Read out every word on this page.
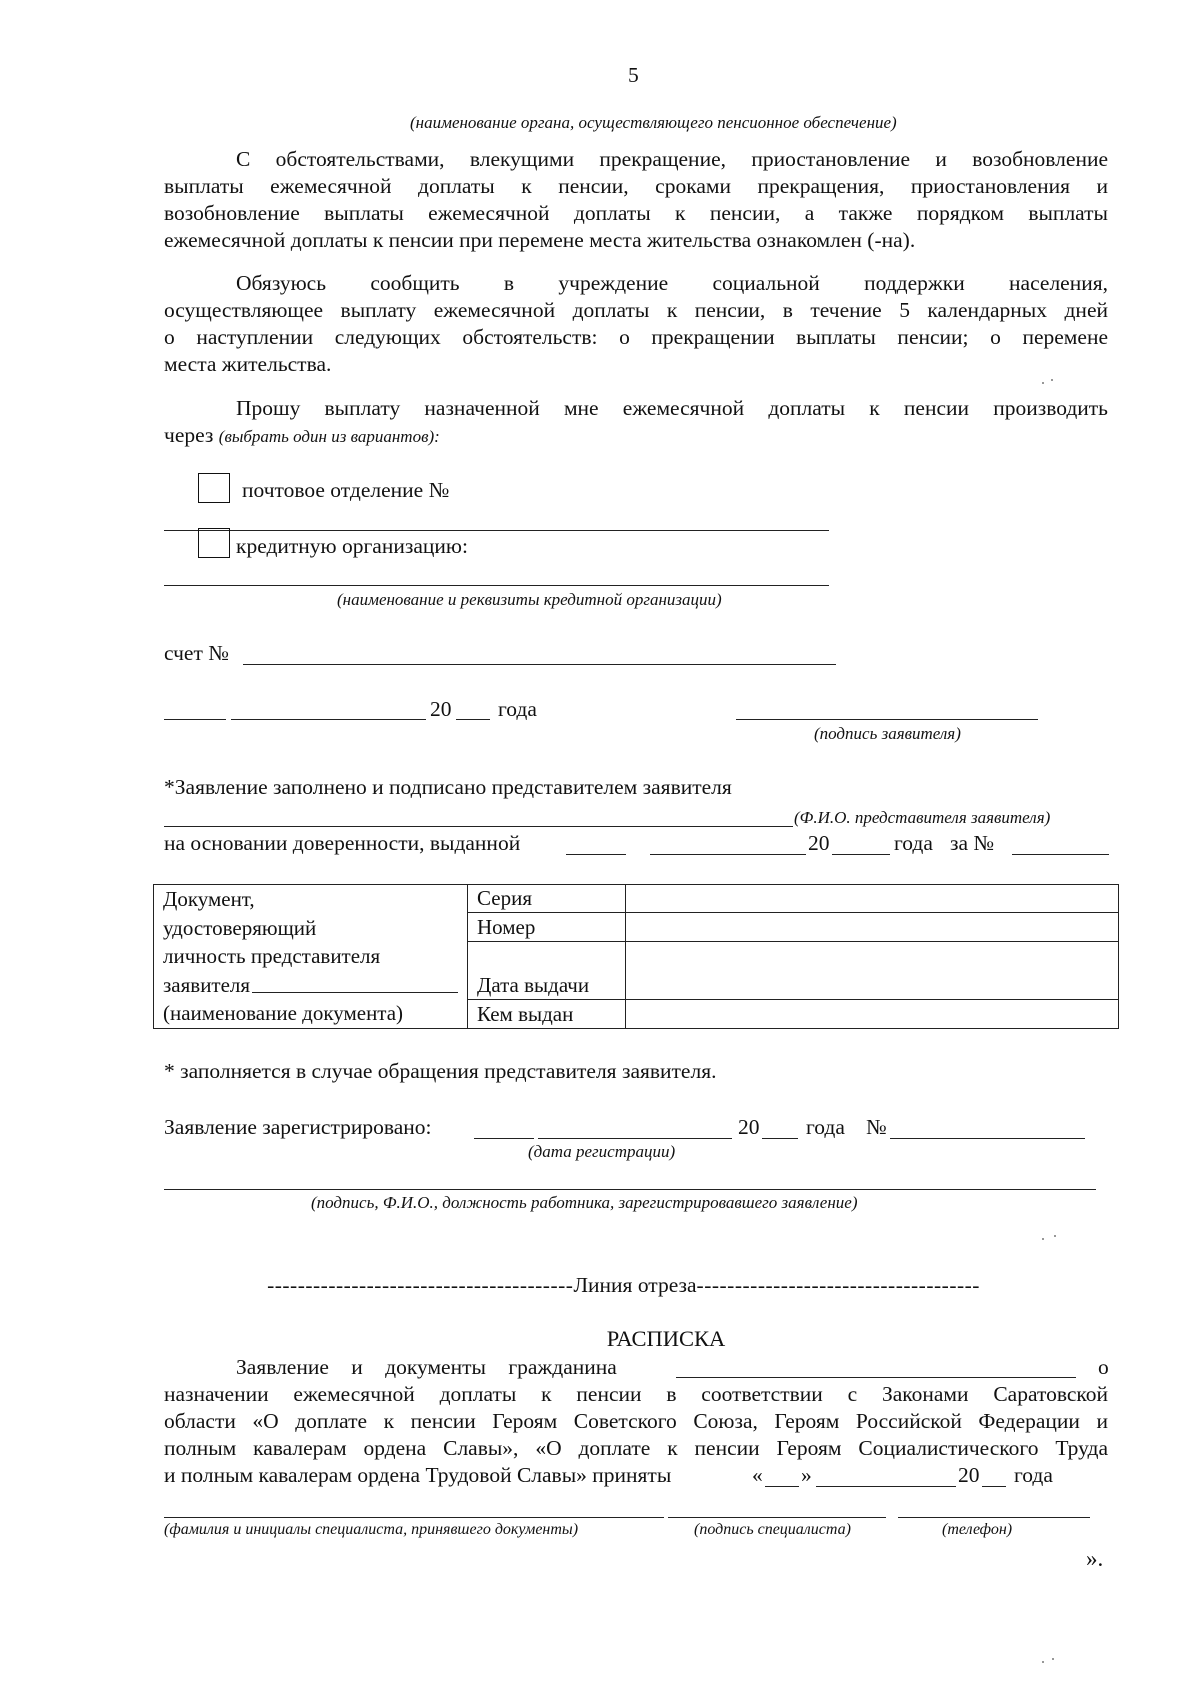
5
(наименование органа, осуществляющего пенсионное обеспечение)
С обстоятельствами, влекущими прекращение, приостановление и возобновление
выплаты ежемесячной доплаты к пенсии, сроками прекращения, приостановления и
возобновление выплаты ежемесячной доплаты к пенсии, а также порядком выплаты
ежемесячной доплаты к пенсии при перемене места жительства ознакомлен (-на).
Обязуюсь сообщить в учреждение социальной поддержки населения,
осуществляющее выплату ежемесячной доплаты к пенсии, в течение 5 календарных дней
о наступлении следующих обстоятельств: о прекращении выплаты пенсии; о перемене
места жительства.
Прошу выплату назначенной мне ежемесячной доплаты к пенсии производить
через (выбрать один из вариантов):
почтовое отделение №
кредитную организацию:
(наименование и реквизиты кредитной организации)
счет №
20 года
(подпись заявителя)
*Заявление заполнено и подписано представителем заявителя
(Ф.И.О. представителя заявителя)
на основании доверенности, выданной	20	года за №
Документ,
удостоверяющий
личность представителя
заявителя
(наименование документа)	Серия	
	Номер	
	Дата выдачи	
	Кем выдан	
* заполняется в случае обращения представителя заявителя.
Заявление зарегистрировано:	20 года №
(дата регистрации)
(подпись, Ф.И.О., должность работника, зарегистрировавшего заявление)
---------------------------------------- Линия отреза -------------------------------------
РАСПИСКА
Заявление и документы гражданина	о
назначении ежемесячной доплаты к пенсии в соответствии с Законами Саратовской
области «О доплате к пенсии Героям Советского Союза, Героям Российской Федерации и
полным кавалерам ордена Славы», «О доплате к пенсии Героям Социалистического Труда
и полным кавалерам ордена Трудовой Славы» приняты	« »	20 года
(фамилия и инициалы специалиста, принявшего документы)	(подпись специалиста)	(телефон)
».
